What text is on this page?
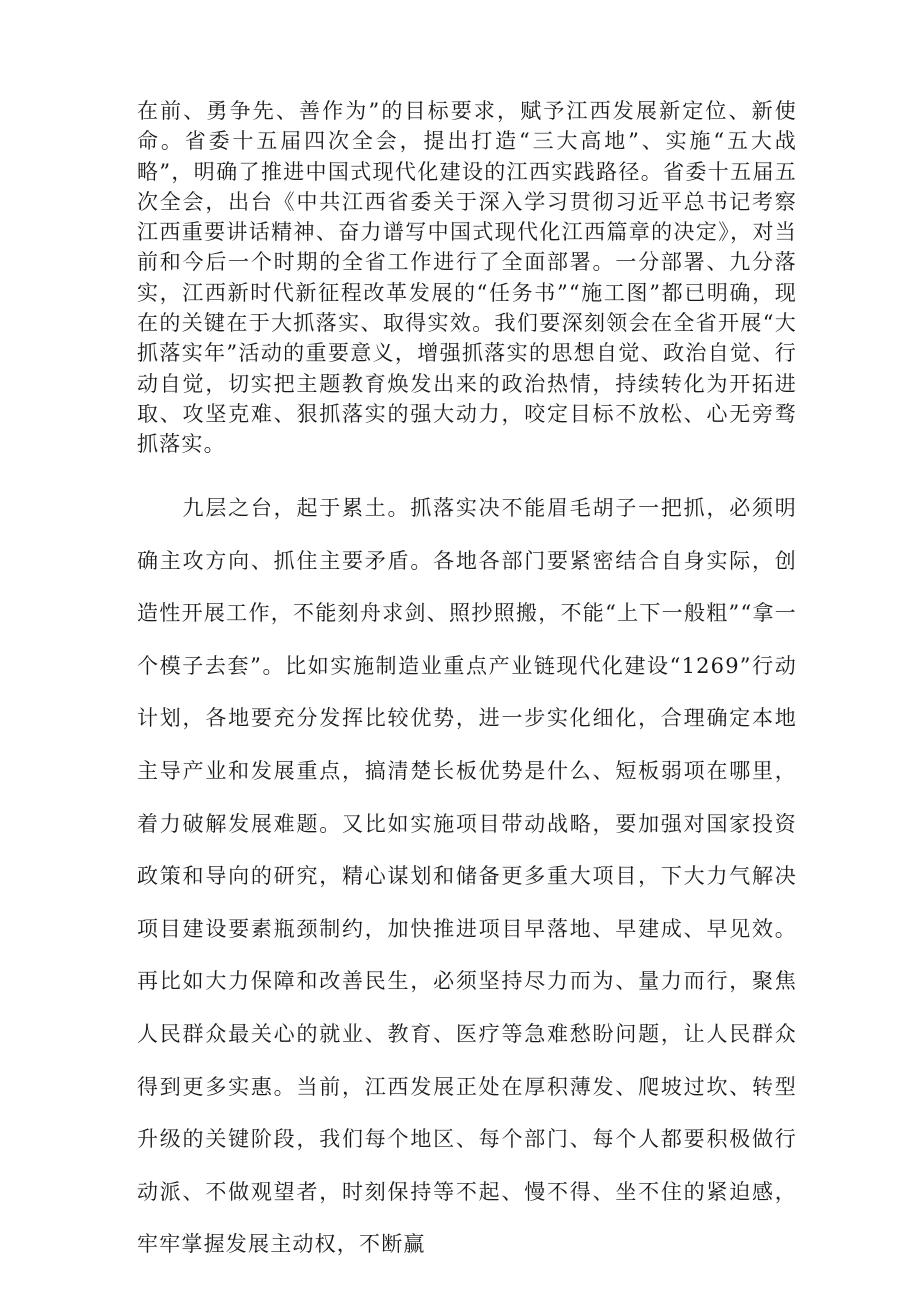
在前、勇争先、善作为”的目标要求，赋予江西发展新定位、新使命。省委十五届四次全会，提出打造“三大高地”、实施“五大战略”，明确了推进中国式现代化建设的江西实践路径。省委十五届五次全会，出台《中共江西省委关于深入学习贯彻习近平总书记考察江西重要讲话精神、奋力谱写中国式现代化江西篇章的决定》，对当前和今后一个时期的全省工作进行了全面部署。一分部署、九分落实，江西新时代新征程改革发展的“任务书”“施工图”都已明确，现在的关键在于大抓落实、取得实效。我们要深刻领会在全省开展“大抓落实年”活动的重要意义，增强抓落实的思想自觉、政治自觉、行动自觉，切实把主题教育焕发出来的政治热情，持续转化为开拓进取、攻坚克难、狠抓落实的强大动力，咬定目标不放松、心无旁骛抓落实。

　　九层之台，起于累土。抓落实决不能眉毛胡子一把抓，必须明确主攻方向、抓住主要矛盾。各地各部门要紧密结合自身实际，创造性开展工作，不能刻舟求剑、照抄照搬，不能“上下一般粗”“拿一个模子去套”。比如实施制造业重点产业链现代化建设“1269”行动计划，各地要充分发挥比较优势，进一步实化细化，合理确定本地主导产业和发展重点，搞清楚长板优势是什么、短板弱项在哪里，着力破解发展难题。又比如实施项目带动战略，要加强对国家投资政策和导向的研究，精心谋划和储备更多重大项目，下大力气解决项目建设要素瓶颈制约，加快推进项目早落地、早建成、早见效。再比如大力保障和改善民生，必须坚持尽力而为、量力而行，聚焦人民群众最关心的就业、教育、医疗等急难愁盼问题，让人民群众得到更多实惠。当前，江西发展正处在厚积薄发、爬坡过坎、转型升级的关键阶段，我们每个地区、每个部门、每个人都要积极做行动派、不做观望者，时刻保持等不起、慢不得、坐不住的紧迫感，牢牢掌握发展主动权，不断赢
